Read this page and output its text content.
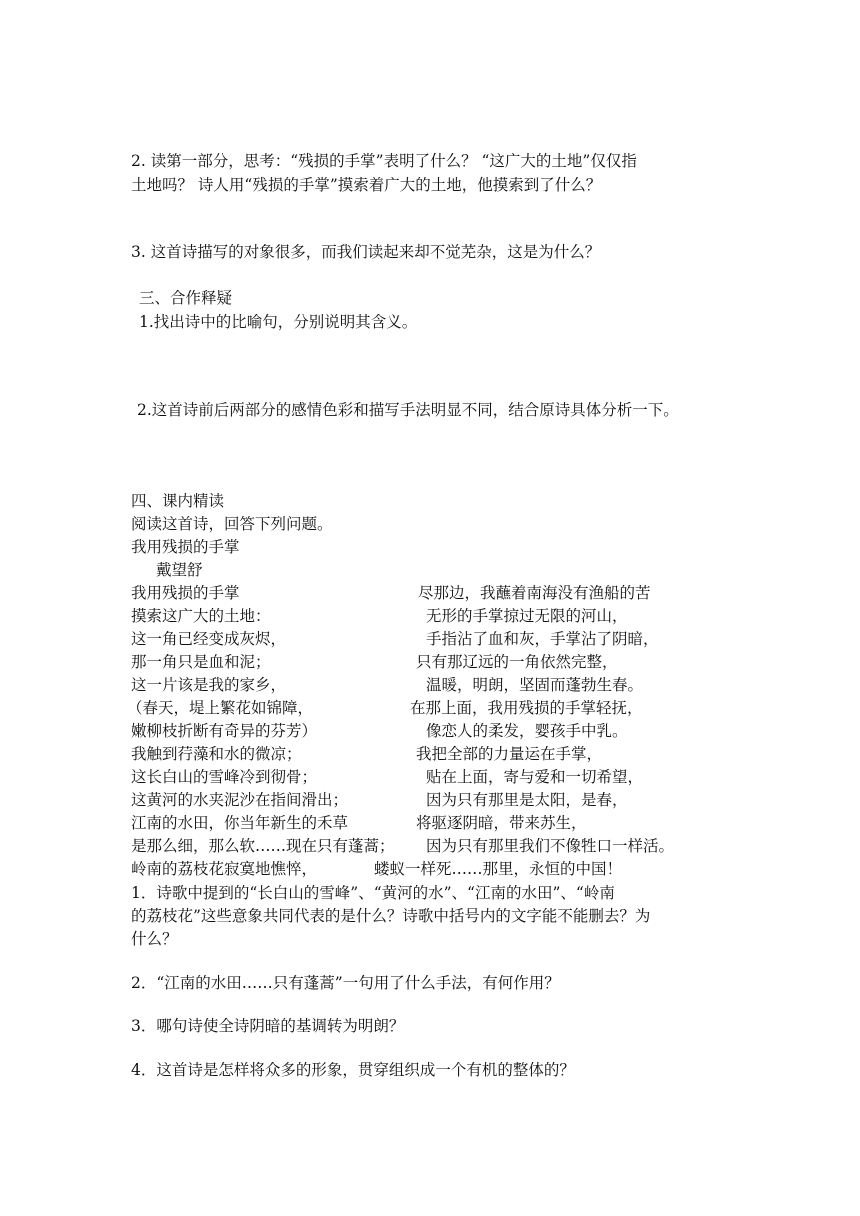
2. 读第一部分，思考：“残损的手掌”表明了什么？ “这广大的土地”仅仅指
土地吗？ 诗人用“残损的手掌”摸索着广大的土地，他摸索到了什么？
3. 这首诗描写的对象很多，而我们读起来却不觉芜杂，这是为什么？
三、合作释疑
1.找出诗中的比喻句，分别说明其含义。
2.这首诗前后两部分的感情色彩和描写手法明显不同，结合原诗具体分析一下。
四、课内精读
阅读这首诗，回答下列问题。
我用残损的手掌
戴望舒
我用残损的手掌
摸索这广大的土地：
这一角已经变成灰烬，
那一角只是血和泥；
这一片该是我的家乡，
（春天，堤上繁花如锦障，
嫩柳枝折断有奇异的芬芳）
我触到荇藻和水的微凉；
这长白山的雪峰冷到彻骨；
这黄河的水夹泥沙在指间滑出；
江南的水田，你当年新生的禾草
是那么细，那么软……现在只有蓬蒿；
岭南的荔枝花寂寞地憔悴，
尽那边，我蘸着南海没有渔船的苦
无形的手掌掠过无限的河山，
手指沾了血和灰，手掌沾了阴暗，
只有那辽远的一角依然完整，
温暖，明朗，坚固而蓬勃生春。
在那上面，我用残损的手掌轻抚，
像恋人的柔发，婴孩手中乳。
我把全部的力量运在手掌，
贴在上面，寄与爱和一切希望，
因为只有那里是太阳，是春，
将驱逐阴暗，带来苏生，
因为只有那里我们不像牲口一样活。
蝼蚁一样死……那里，永恒的中国！
1．诗歌中提到的“长白山的雪峰”、“黄河的水”、“江南的水田”、“岭南
的荔枝花”这些意象共同代表的是什么？诗歌中括号内的文字能不能删去？为
什么？
2．“江南的水田……只有蓬蒿”一句用了什么手法，有何作用？
3．哪句诗使全诗阴暗的基调转为明朗？
4．这首诗是怎样将众多的形象，贯穿组织成一个有机的整体的？
